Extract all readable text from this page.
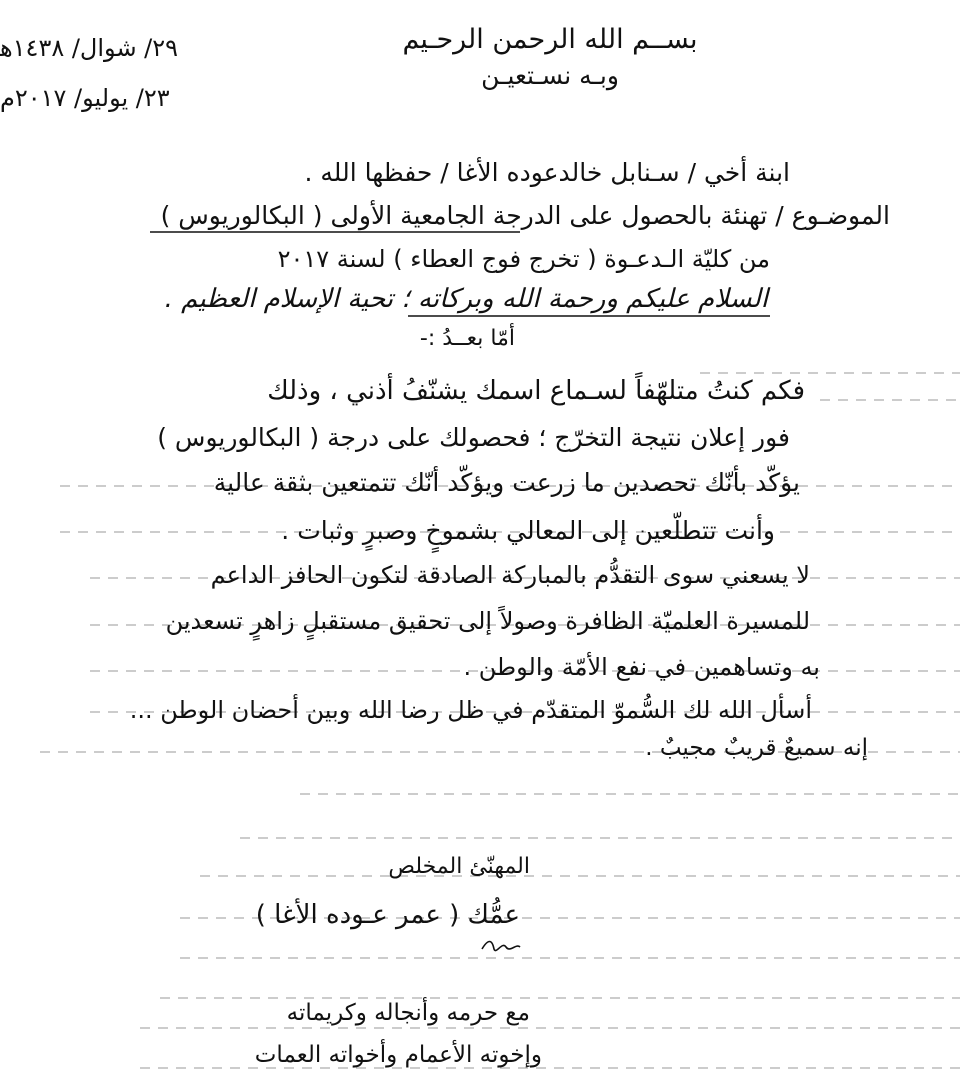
بســم الله الرحمن الرحـيم
وبـه نسـتعيـن
٢٩/ شوال/ ١٤٣٨ﻫ
٢٣/ يوليو/ ٢٠١٧م
ابنة أخي / سـنابل خالدعوده الأغا / حفظها الله .
الموضـوع / تهنئة بالحصول على الدرجة الجامعية الأولى ( البكالوريوس )
من كليّة الـدعـوة ( تخرج فوج العطاء ) لسنة ٢٠١٧
السلام عليكم ورحمة الله وبركاته ؛ تحية الإسلام العظيم .
أمّا بعــدُ :-
فكم كنتُ متلهّفاً لسـماع اسمك يشنّفُ أذني ، وذلك
فور إعلان نتيجة التخرّج ؛ فحصولك على درجة ( البكالوريوس )
يؤكّد بأنّك تحصدين ما زرعت ويؤكّد أنّك تتمتعين بثقة عالية
وأنت تتطلّعين إلى المعالي بشموخٍ وصبرٍ وثبات .
لا يسعني سوى التقدُّم بالمباركة الصادقة لتكون الحافز الداعم
للمسيرة العلميّة الظافرة وصولاً إلى تحقيق مستقبلٍ زاهرٍ تسعدين
به وتساهمين في نفع الأمّة والوطن .
أسأل الله لك السُّموّ المتقدّم في ظل رضا الله وبين أحضان الوطن ...
إنه سميعٌ قريبٌ مجيبٌ .
المهنّئ المخلص
عمُّك ( عمر عـوده الأغا )
مع حرمه وأنجاله وكريماته
وإخوته الأعمام وأخواته العمات
